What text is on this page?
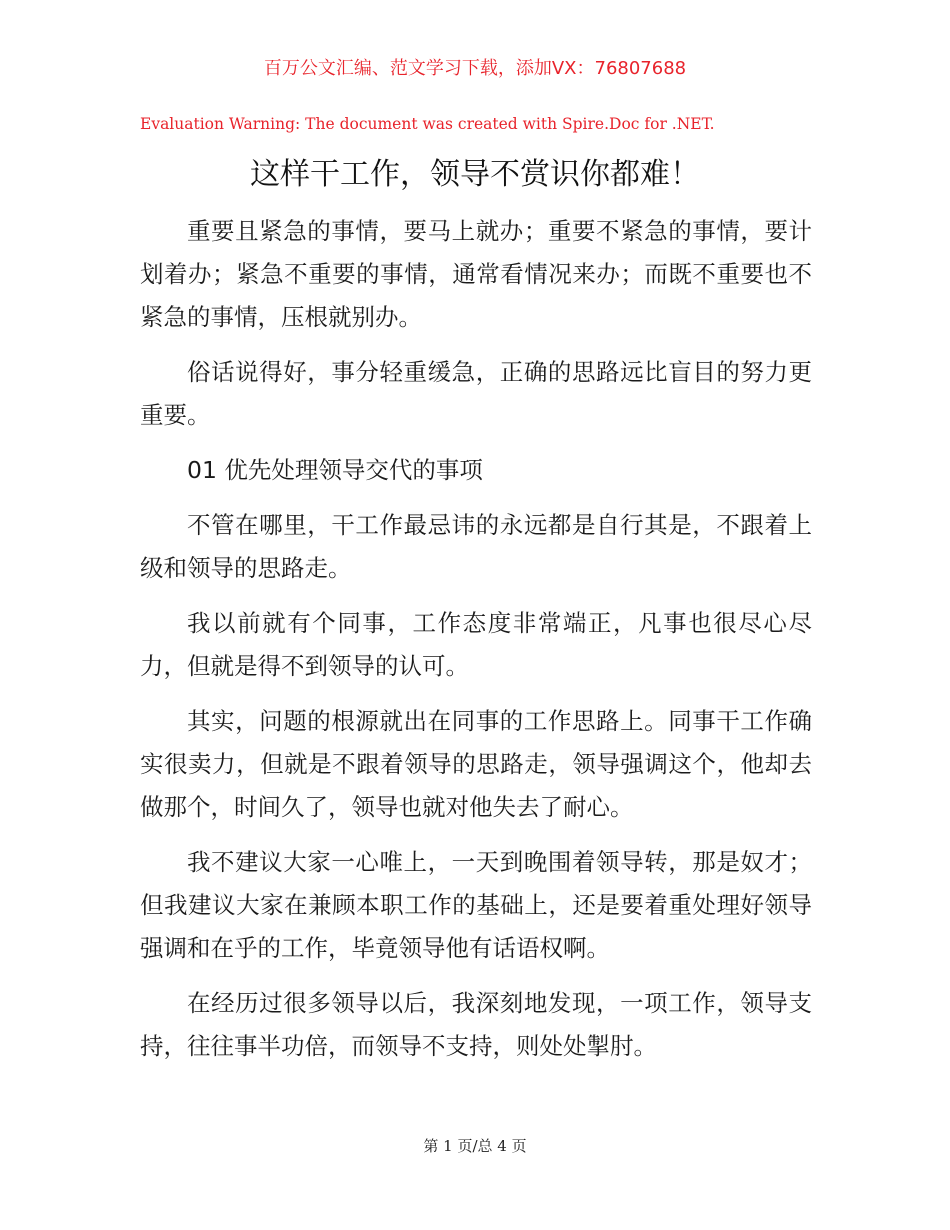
百万公文汇编、范文学习下载，添加VX：76807688
Evaluation Warning: The document was created with Spire.Doc for .NET.
这样干工作，领导不赏识你都难！

重要且紧急的事情，要马上就办；重要不紧急的事情，要计划着办；紧急不重要的事情，通常看情况来办；而既不重要也不紧急的事情，压根就别办。

俗话说得好，事分轻重缓急，正确的思路远比盲目的努力更重要。

01 优先处理领导交代的事项

不管在哪里，干工作最忌讳的永远都是自行其是，不跟着上级和领导的思路走。

我以前就有个同事，工作态度非常端正，凡事也很尽心尽力，但就是得不到领导的认可。

其实，问题的根源就出在同事的工作思路上。同事干工作确实很卖力，但就是不跟着领导的思路走，领导强调这个，他却去做那个，时间久了，领导也就对他失去了耐心。

我不建议大家一心唯上，一天到晚围着领导转，那是奴才；但我建议大家在兼顾本职工作的基础上，还是要着重处理好领导强调和在乎的工作，毕竟领导他有话语权啊。

在经历过很多领导以后，我深刻地发现，一项工作，领导支持，往往事半功倍，而领导不支持，则处处掣肘。

第 1 页/总 4 页
